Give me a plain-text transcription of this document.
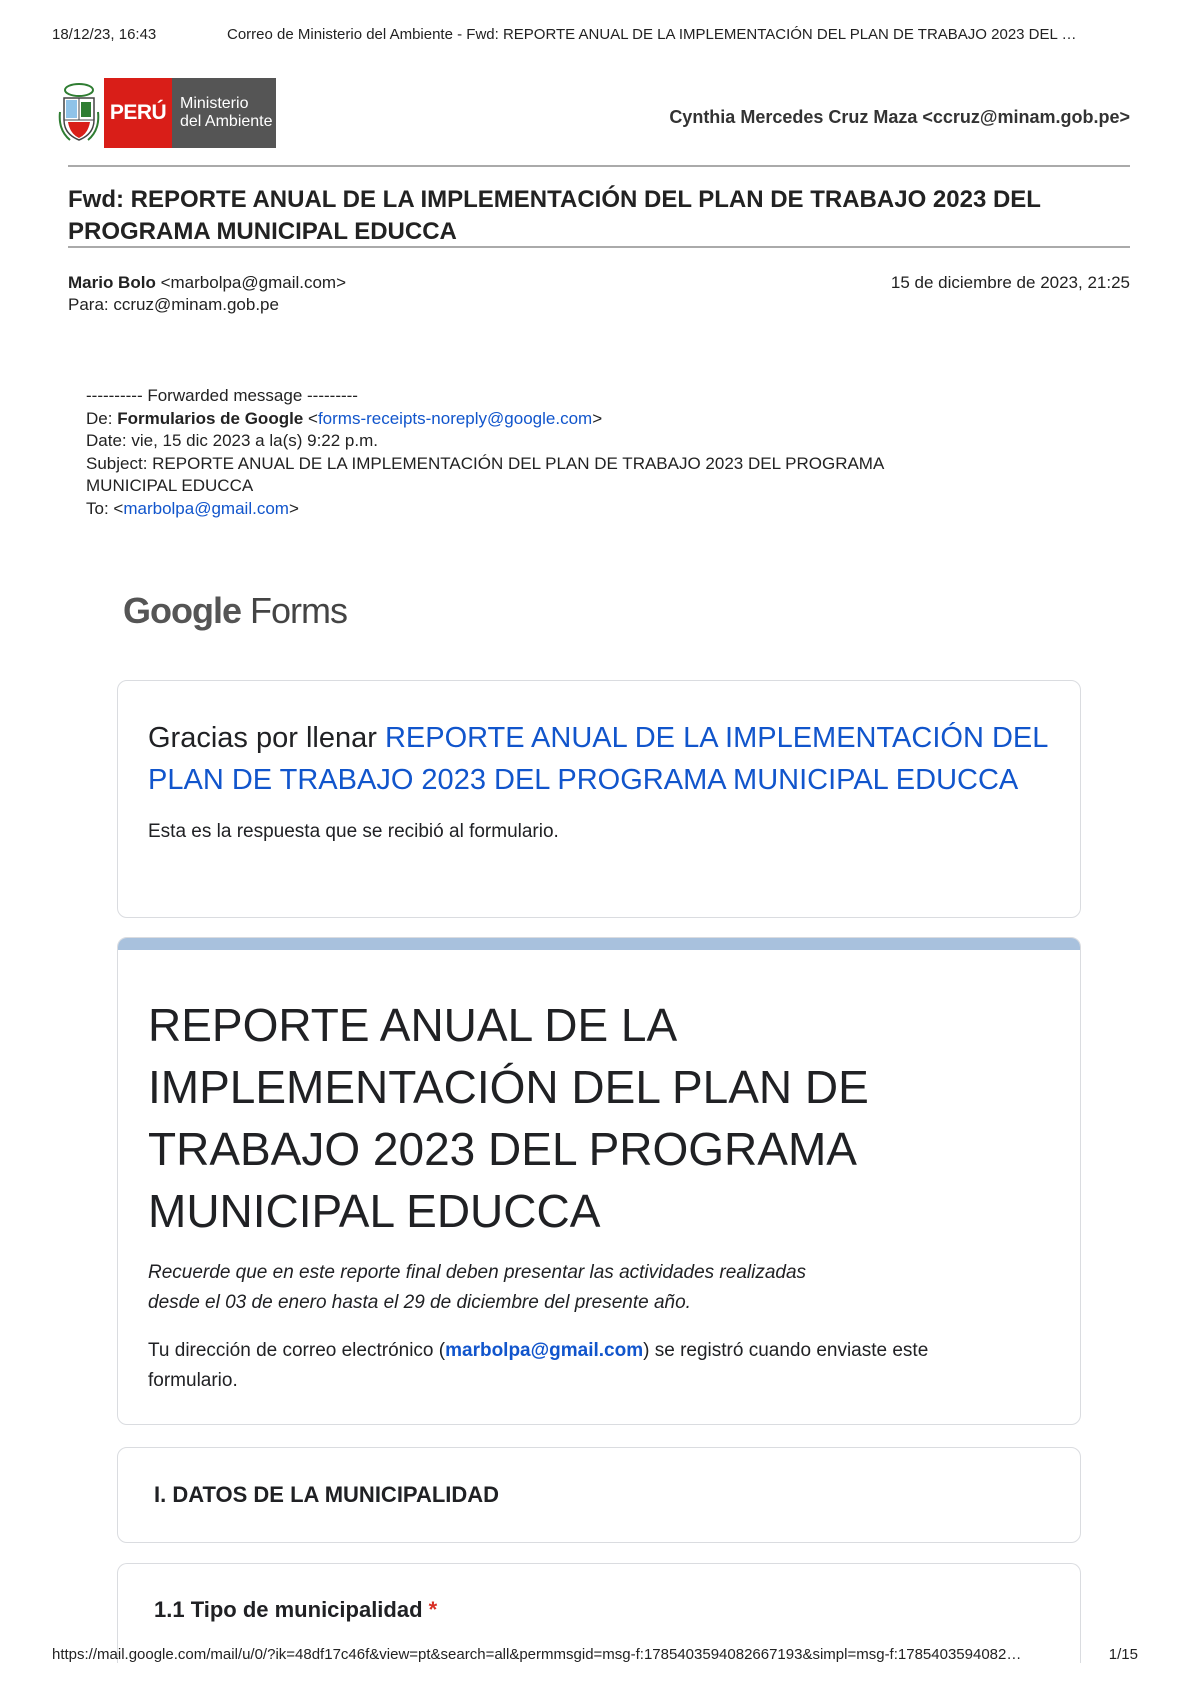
18/12/23, 16:43	Correo de Ministerio del Ambiente - Fwd: REPORTE ANUAL DE LA IMPLEMENTACIÓN DEL PLAN DE TRABAJO 2023 DEL …
PERÚ Ministerio
del Ambiente	Cynthia Mercedes Cruz Maza <ccruz@minam.gob.pe>
Fwd: REPORTE ANUAL DE LA IMPLEMENTACIÓN DEL PLAN DE TRABAJO 2023 DEL PROGRAMA MUNICIPAL EDUCCA
Mario Bolo <marbolpa@gmail.com>	15 de diciembre de 2023, 21:25
Para: ccruz@minam.gob.pe
---------- Forwarded message ---------
De: Formularios de Google <forms-receipts-noreply@google.com>
Date: vie, 15 dic 2023 a la(s) 9:22 p.m.
Subject: REPORTE ANUAL DE LA IMPLEMENTACIÓN DEL PLAN DE TRABAJO 2023 DEL PROGRAMA
MUNICIPAL EDUCCA
To: <marbolpa@gmail.com>
Google Forms
Gracias por llenar REPORTE ANUAL DE LA IMPLEMENTACIÓN DEL PLAN DE TRABAJO 2023 DEL PROGRAMA MUNICIPAL EDUCCA
Esta es la respuesta que se recibió al formulario.
REPORTE ANUAL DE LA
IMPLEMENTACIÓN DEL PLAN DE
TRABAJO 2023 DEL PROGRAMA
MUNICIPAL EDUCCA
Recuerde que en este reporte final deben presentar las actividades realizadas
desde el 03 de enero hasta el 29 de diciembre del presente año.
Tu dirección de correo electrónico (marbolpa@gmail.com) se registró cuando enviaste este formulario.
I. DATOS DE LA MUNICIPALIDAD
1.1 Tipo de municipalidad *
https://mail.google.com/mail/u/0/?ik=48df17c46f&view=pt&search=all&permmsgid=msg-f:1785403594082667193&simpl=msg-f:1785403594082…	1/15
